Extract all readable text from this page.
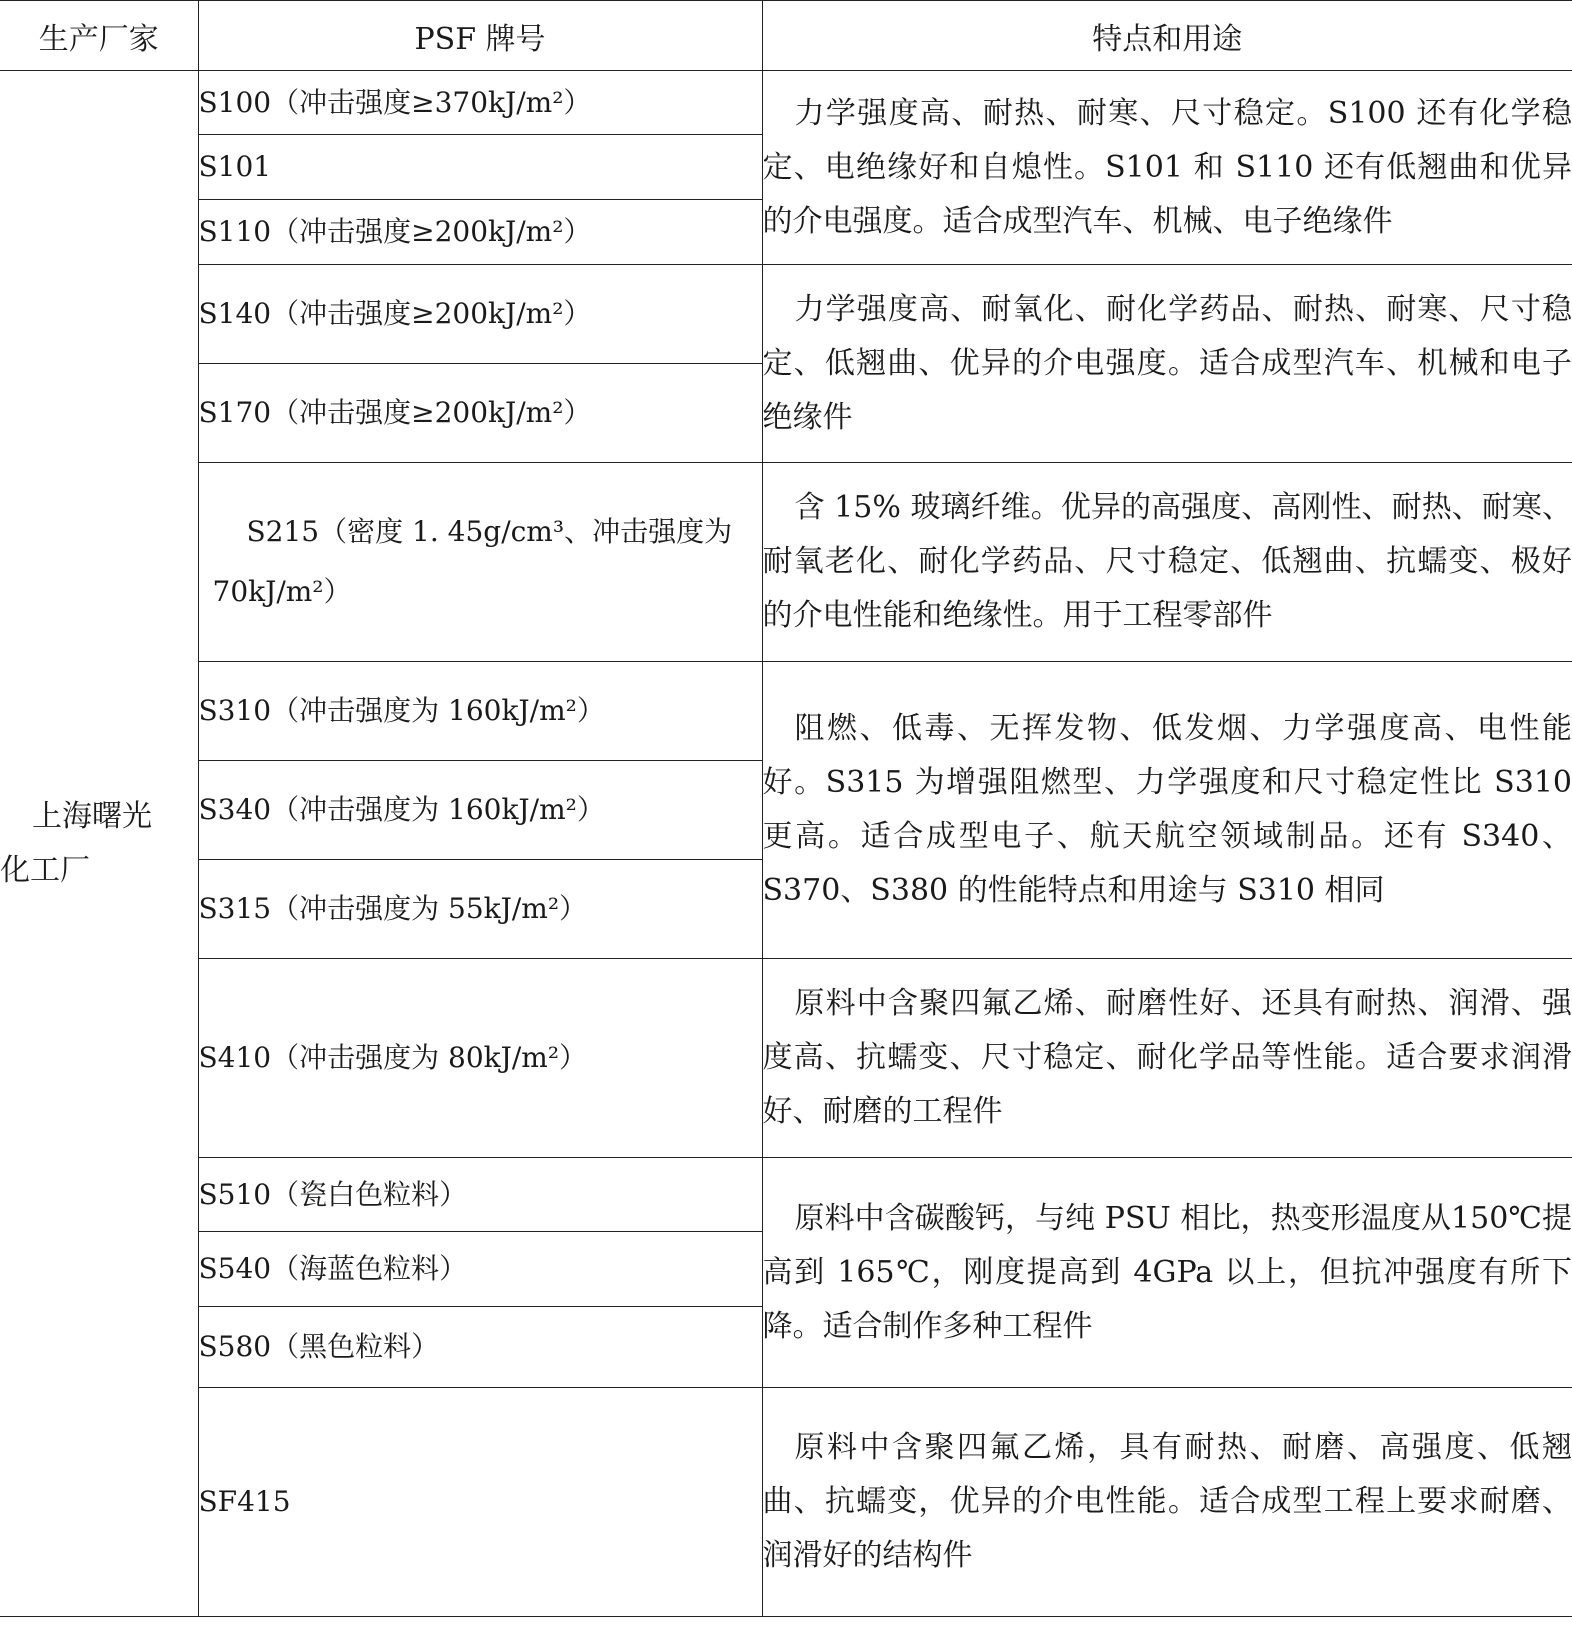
生产厂家	PSF 牌号	特点和用途

上海曙光
化工厂	S100（冲击强度≥370kJ/m²）	力学强度高、耐热、耐寒、尺寸稳定。S100 还有化学稳定、电绝缘好和自熄性。S101 和 S110 还有低翘曲和优异的介电强度。适合成型汽车、机械、电子绝缘件
	S101	
	S110（冲击强度≥200kJ/m²）	
	S140（冲击强度≥200kJ/m²）	力学强度高、耐氧化、耐化学药品、耐热、耐寒、尺寸稳定、低翘曲、优异的介电强度。适合成型汽车、机械和电子绝缘件
	S170（冲击强度≥200kJ/m²）	
	S215（密度 1. 45g/cm³、冲击强度为70kJ/m²）	含 15% 玻璃纤维。优异的高强度、高刚性、耐热、耐寒、耐氧老化、耐化学药品、尺寸稳定、低翘曲、抗蠕变、极好的介电性能和绝缘性。用于工程零部件
	S310（冲击强度为 160kJ/m²）	阻燃、低毒、无挥发物、低发烟、力学强度高、电性能好。S315 为增强阻燃型、力学强度和尺寸稳定性比 S310 更高。适合成型电子、航天航空领域制品。还有 S340、S370、S380 的性能特点和用途与 S310 相同
	S340（冲击强度为 160kJ/m²）	
	S315（冲击强度为 55kJ/m²）	
	S410（冲击强度为 80kJ/m²）	原料中含聚四氟乙烯、耐磨性好、还具有耐热、润滑、强度高、抗蠕变、尺寸稳定、耐化学品等性能。适合要求润滑好、耐磨的工程件
	S510（瓷白色粒料）	原料中含碳酸钙，与纯 PSU 相比，热变形温度从150℃提高到 165℃，刚度提高到 4GPa 以上，但抗冲强度有所下降。适合制作多种工程件
	S540（海蓝色粒料）	
	S580（黑色粒料）	
	SF415	原料中含聚四氟乙烯，具有耐热、耐磨、高强度、低翘曲、抗蠕变，优异的介电性能。适合成型工程上要求耐磨、润滑好的结构件
